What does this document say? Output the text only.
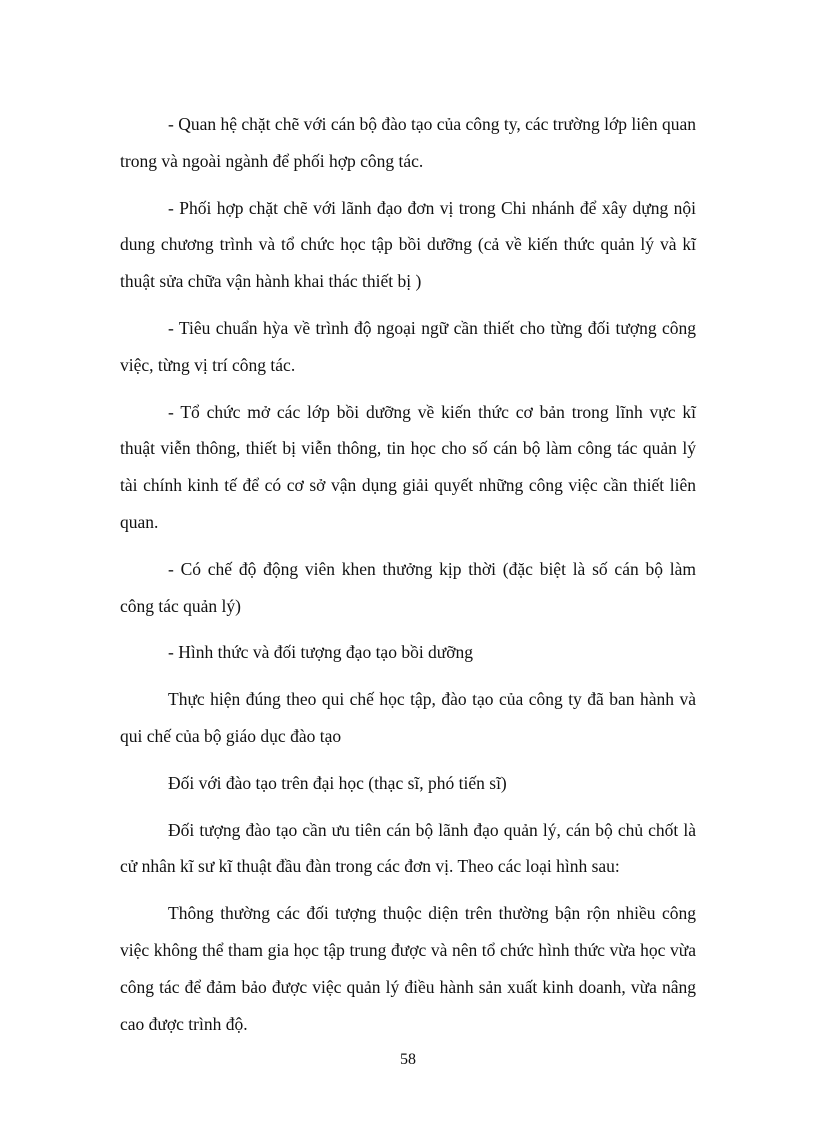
- Quan hệ chặt chẽ với cán bộ đào tạo của công ty, các trường lớp liên quan trong và ngoài ngành để phối hợp công tác.

- Phối hợp chặt chẽ với lãnh đạo đơn vị trong Chi nhánh để xây dựng nội dung chương trình và tổ chức học tập bồi dưỡng (cả về kiến thức quản lý và kĩ thuật sửa chữa vận hành khai thác thiết bị )

- Tiêu chuẩn hỳa về trình độ ngoại ngữ cần thiết cho từng đối tượng công việc, từng vị trí công tác.

- Tổ chức mở các lớp bồi dưỡng về kiến thức cơ bản trong lĩnh vực kĩ thuật viễn thông, thiết bị viễn thông, tin học cho số cán bộ làm công tác quản lý tài chính kinh tế để có cơ sở vận dụng giải quyết những công việc cần thiết liên quan.

- Có chế độ động viên khen thưởng kịp thời (đặc biệt là số cán bộ làm công tác quản lý)

- Hình thức và đối tượng đạo tạo bồi dưỡng

Thực hiện đúng theo qui chế học tập, đào tạo của công ty đã ban hành và qui chế của bộ giáo dục đào tạo

Đối với đào tạo trên đại học (thạc sĩ, phó tiến sĩ)

Đối tượng đào tạo cần ưu tiên cán bộ lãnh đạo quản lý, cán bộ chủ chốt là cử nhân kĩ sư kĩ thuật đầu đàn trong các đơn vị. Theo các loại hình sau:

Thông thường các đối tượng thuộc diện trên thường bận rộn nhiều công việc không thể tham gia học tập trung được và nên tổ chức hình thức vừa học vừa công tác để đảm bảo được việc quản lý điều hành sản xuất kinh doanh, vừa nâng cao được trình độ.

58
